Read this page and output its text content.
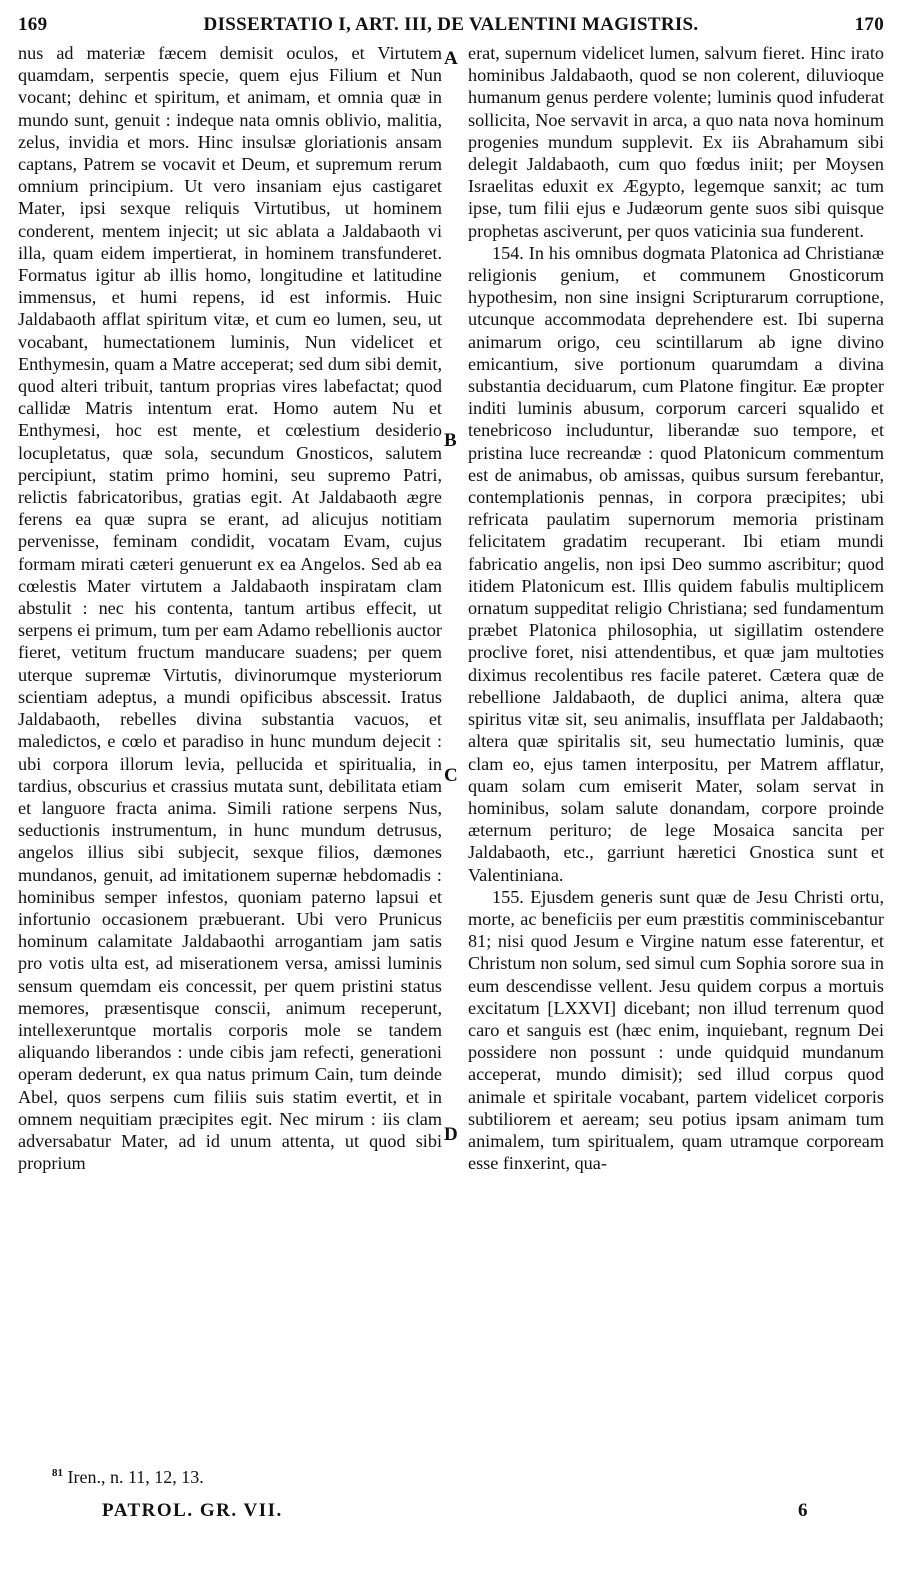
169	DISSERTATIO I, ART. III, DE VALENTINI MAGISTRIS.	170

nus ad materiæ fæcem demisit oculos, et Virtutem quamdam, serpentis specie, quem ejus Filium et Nun vocant; dehinc et spiritum, et animam, et omnia quæ in mundo sunt, genuit : indeque nata omnis oblivio, malitia, zelus, invidia et mors. Hinc insulsæ gloriationis ansam captans, Patrem se vocavit et Deum, et supremum rerum omnium principium. Ut vero insaniam ejus castigaret Mater, ipsi sexque reliquis Virtutibus, ut hominem conderent, mentem injecit; ut sic ablata a Jaldabaoth vi illa, quam eidem impertierat, in hominem transfunderet. Formatus igitur ab illis homo, longitudine et latitudine immensus, et humi repens, id est informis. Huic Jaldabaoth afflat spiritum vitæ, et cum eo lumen, seu, ut vocabant, humectationem luminis, Nun videlicet et Enthymesin, quam a Matre acceperat; sed dum sibi demit, quod alteri tribuit, tantum proprias vires labefactat; quod callidæ Matris intentum erat. Homo autem Nu et Enthymesi, hoc est mente, et cœlestium desiderio locupletatus, quæ sola, secundum Gnosticos, salutem percipiunt, statim primo homini, seu supremo Patri, relictis fabricatoribus, gratias egit. At Jaldabaoth ægre ferens ea quæ supra se erant, ad alicujus notitiam pervenisse, feminam condidit, vocatam Evam, cujus formam mirati cæteri genuerunt ex ea Angelos. Sed ab ea cœlestis Mater virtutem a Jaldabaoth inspiratam clam abstulit : nec his contenta, tantum artibus effecit, ut serpens ei primum, tum per eam Adamo rebellionis auctor fieret, vetitum fructum manducare suadens; per quem uterque supremæ Virtutis, divinorumque mysteriorum scientiam adeptus, a mundi opificibus abscessit. Iratus Jaldabaoth, rebelles divina substantia vacuos, et maledictos, e cœlo et paradiso in hunc mundum dejecit : ubi corpora illorum levia, pellucida et spiritualia, in tardius, obscurius et crassius mutata sunt, debilitata etiam et languore fracta anima. Simili ratione serpens Nus, seductionis instrumentum, in hunc mundum detrusus, angelos illius sibi subjecit, sexque filios, dæmones mundanos, genuit, ad imitationem supernæ hebdomadis : hominibus semper infestos, quoniam paterno lapsui et infortunio occasionem præbuerant. Ubi vero Prunicus hominum calamitate Jaldabaothi arrogantiam jam satis pro votis ulta est, ad miserationem versa, amissi luminis sensum quemdam eis concessit, per quem pristini status memores, præsentisque conscii, animum receperunt, intellexeruntque mortalis corporis mole se tandem aliquando liberandos : unde cibis jam refecti, generationi operam dederunt, ex qua natus primum Cain, tum deinde Abel, quos serpens cum filiis suis statim evertit, et in omnem nequitiam præcipites egit. Nec mirum : iis clam adversabatur Mater, ad id unum attenta, ut quod sibi proprium

A
B
C
D

erat, supernum videlicet lumen, salvum fieret. Hinc irato hominibus Jaldabaoth, quod se non colerent, diluvioque humanum genus perdere volente; luminis quod infuderat sollicita, Noe servavit in arca, a quo nata nova hominum progenies mundum supplevit. Ex iis Abrahamum sibi delegit Jaldabaoth, cum quo fœdus iniit; per Moysen Israelitas eduxit ex Ægypto, legemque sanxit; ac tum ipse, tum filii ejus e Judæorum gente suos sibi quisque prophetas asciverunt, per quos vaticinia sua funderent.

154. In his omnibus dogmata Platonica ad Christianæ religionis genium, et communem Gnosticorum hypothesim, non sine insigni Scripturarum corruptione, utcunque accommodata deprehendere est. Ibi superna animarum origo, ceu scintillarum ab igne divino emicantium, sive portionum quarumdam a divina substantia deciduarum, cum Platone fingitur. Eæ propter inditi luminis abusum, corporum carceri squalido et tenebricoso includuntur, liberandæ suo tempore, et pristina luce recreandæ : quod Platonicum commentum est de animabus, ob amissas, quibus sursum ferebantur, contemplationis pennas, in corpora præcipites; ubi refricata paulatim supernorum memoria pristinam felicitatem gradatim recuperant. Ibi etiam mundi fabricatio angelis, non ipsi Deo summo ascribitur; quod itidem Platonicum est. Illis quidem fabulis multiplicem ornatum suppeditat religio Christiana; sed fundamentum præbet Platonica philosophia, ut sigillatim ostendere proclive foret, nisi attendentibus, et quæ jam multoties diximus recolentibus res facile pateret. Cætera quæ de rebellione Jaldabaoth, de duplici anima, altera quæ spiritus vitæ sit, seu animalis, insufflata per Jaldabaoth; altera quæ spiritalis sit, seu humectatio luminis, quæ clam eo, ejus tamen interpositu, per Matrem afflatur, quam solam cum emiserit Mater, solam servat in hominibus, solam salute donandam, corpore proinde æternum perituro; de lege Mosaica sancita per Jaldabaoth, etc., garriunt hæretici Gnostica sunt et Valentiniana.

155. Ejusdem generis sunt quæ de Jesu Christi ortu, morte, ac beneficiis per eum præstitis comminiscebantur 81; nisi quod Jesum e Virgine natum esse faterentur, et Christum non solum, sed simul cum Sophia sorore sua in eum descendisse vellent. Jesu quidem corpus a mortuis excitatum [LXXVI] dicebant; non illud terrenum quod caro et sanguis est (hæc enim, inquiebant, regnum Dei possidere non possunt : unde quidquid mundanum acceperat, mundo dimisit); sed illud corpus quod animale et spiritale vocabant, partem videlicet corporis subtiliorem et aeream; seu potius ipsam animam tum animalem, tum spiritualem, quam utramque corpoream esse finxerint, qua-

$^{81}$ Iren., n. 11, 12, 13.
PATROL. GR. VII.	6
